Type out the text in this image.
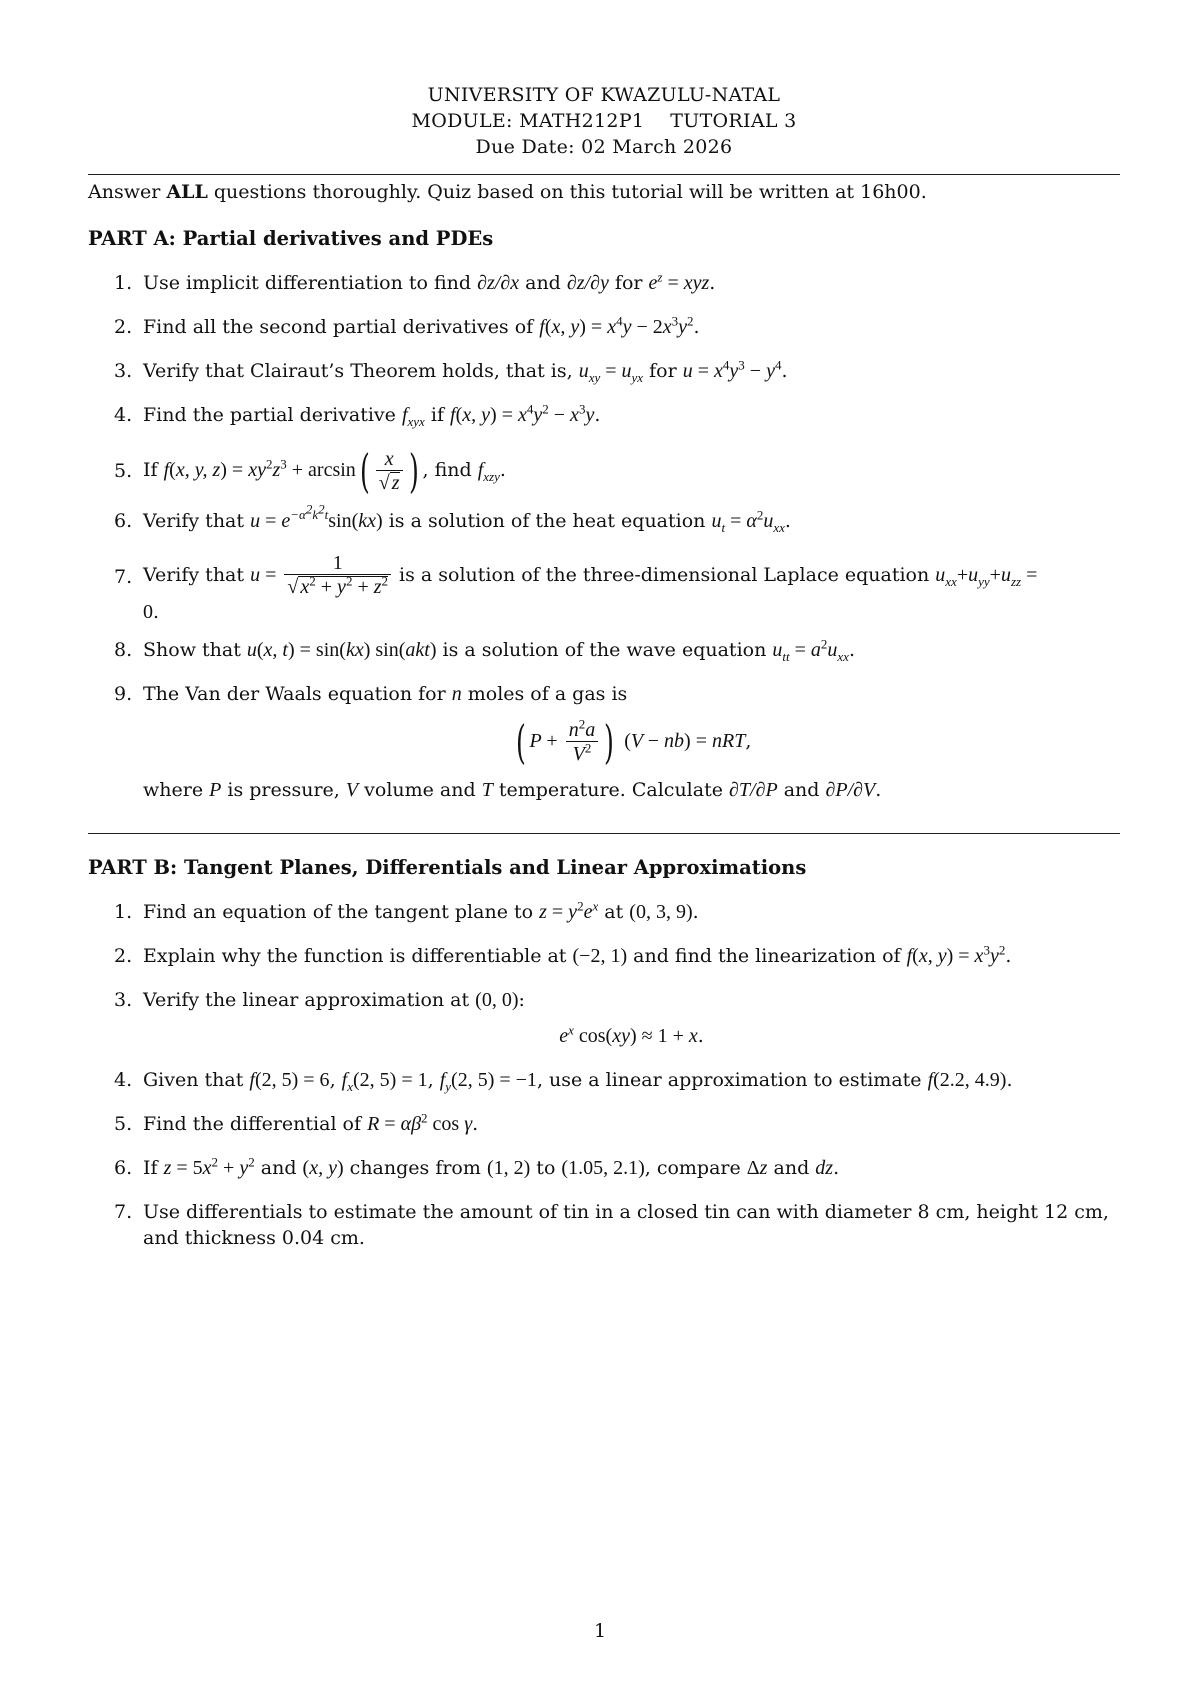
UNIVERSITY OF KWAZULU-NATAL
MODULE: MATH212P1 TUTORIAL 3
Due Date: 02 March 2026
Answer ALL questions thoroughly. Quiz based on this tutorial will be written at 16h00.
PART A: Partial derivatives and PDEs
1. Use implicit differentiation to find ∂z/∂x and ∂z/∂y for $e^z$ = xyz.
2. Find all the second partial derivatives of f(x, $y) = x^4y - 2x^3y^2$.
3. Verify that Clairaut’s Theorem holds, that is, $u_{xy} = u_{yx}$ for $u = x^4y^3 - y^4$.
4. Find the partial derivative $f_{xyx}$ if f(x, $y) = x^4y^2 - x^3y$.
5. If f(x, y, $z) = xy^2z^3 + \arcsin( \frac{x}{√ z}$ ) , find $f_{xzy}$.
6. Verify that $u = e^{-\alpha^2k^2t}\sin(kx)$ is a solution of the heat equation $u_t = \alpha^2u_{xx}$.
7. Verify that $u = \frac{1}{√ x^2 + y^2 + z^2}$ is a solution of the three-dimensional Laplace equation $u_{xx}+u_{yy}+u_{zz}$ =
0.
8. Show that u(x, t) = sin(kx) sin(akt) is a solution of the wave equation $u_{tt} = a^2u_{xx}$.
9. The Van der Waals equation for n moles of a gas is
( $P + \frac{n^2a}{V^2}$ ) (V − nb) = nRT,
where P is pressure, V volume and T temperature. Calculate ∂T/∂P and ∂P/∂V.
PART B: Tangent Planes, Differentials and Linear Approximations
1. Find an equation of the tangent plane to $z = y^2e^x$ at (0, 3, 9).
2. Explain why the function is differentiable at (−2, 1) and find the linearization of f(x, $y) = x^3y^2$.
3. Verify the linear approximation at (0, 0):
$e^x$ cos(xy) ≈ 1 + x.
4. Given that f(2, 5) = 6, $f_x(2$, 5) = 1, $f_y(2$, 5) = −1, use a linear approximation to estimate f(2.2, 4.9).
5. Find the differential of $R = \alpha\beta^2$ cos γ.
6. If $z = 5x^2 + y^2$ and (x, y) changes from (1, 2) to (1.05, 2.1), compare Δz and dz.
7. Use differentials to estimate the amount of tin in a closed tin can with diameter 8 cm, height 12 cm, and thickness 0.04 cm.
1
